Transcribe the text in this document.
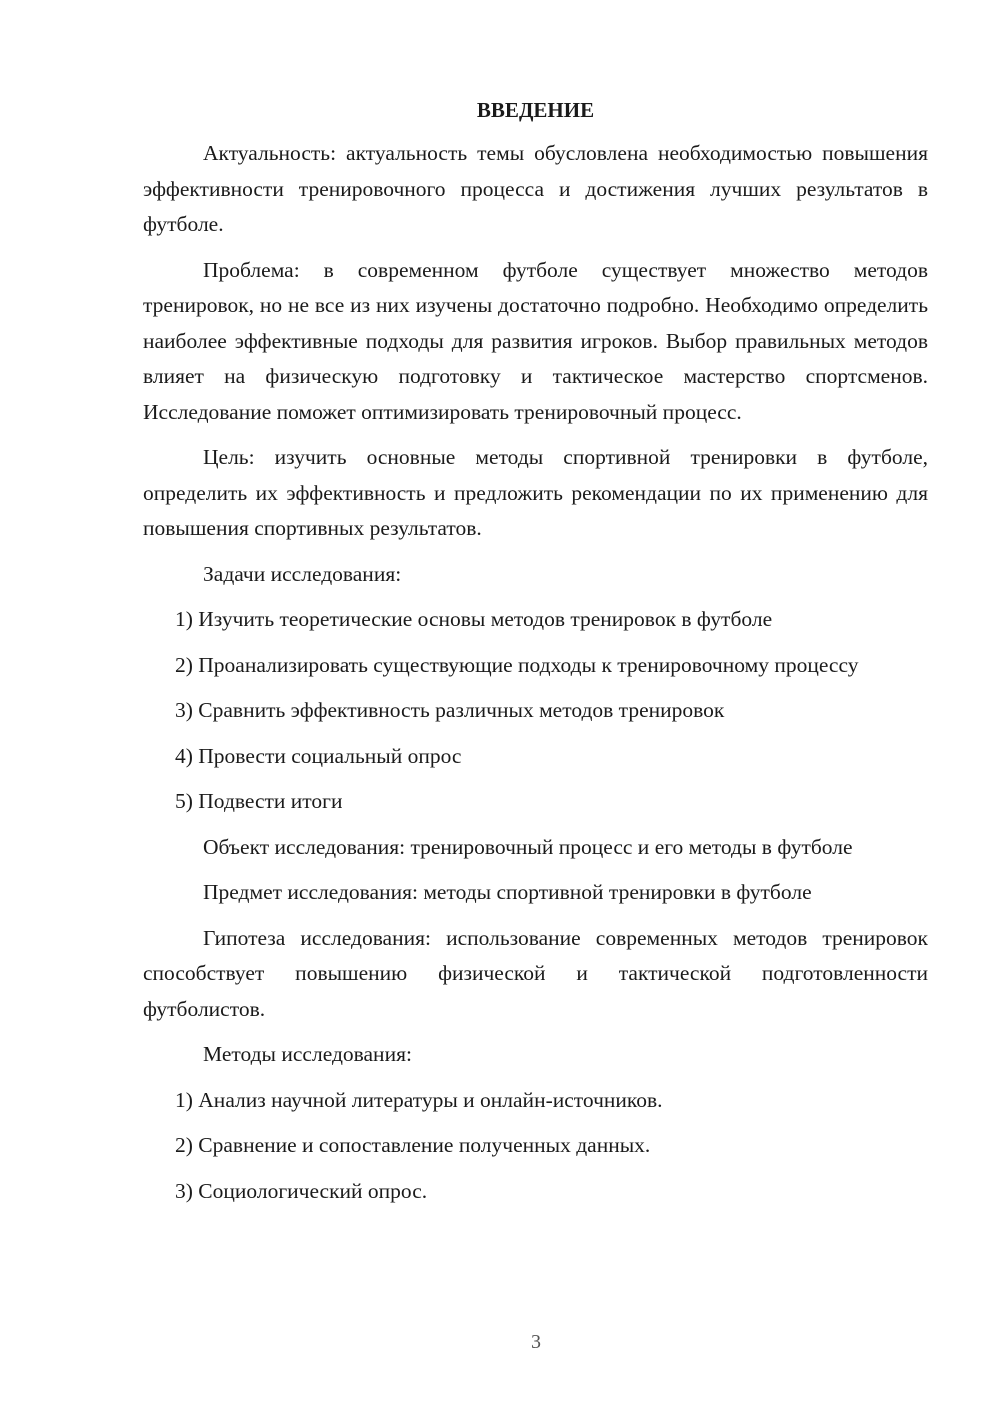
ВВЕДЕНИЕ

Актуальность: актуальность темы обусловлена необходимостью повышения эффективности тренировочного процесса и достижения лучших результатов в футболе.

Проблема: в современном футболе существует множество методов тренировок, но не все из них изучены достаточно подробно. Необходимо определить наиболее эффективные подходы для развития игроков. Выбор правильных методов влияет на физическую подготовку и тактическое мастерство спортсменов. Исследование поможет оптимизировать тренировочный процесс.

Цель: изучить основные методы спортивной тренировки в футболе, определить их эффективность и предложить рекомендации по их применению для повышения спортивных результатов.

Задачи исследования:

1) Изучить теоретические основы методов тренировок в футболе

2) Проанализировать существующие подходы к тренировочному процессу

3) Сравнить эффективность различных методов тренировок

4) Провести социальный опрос

5) Подвести итоги

Объект исследования: тренировочный процесс и его методы в футболе

Предмет исследования: методы спортивной тренировки в футболе

Гипотеза исследования: использование современных методов тренировок способствует повышению физической и тактической подготовленности футболистов.

Методы исследования:

1) Анализ научной литературы и онлайн-источников.

2) Сравнение и сопоставление полученных данных.

3) Социологический опрос.

3
